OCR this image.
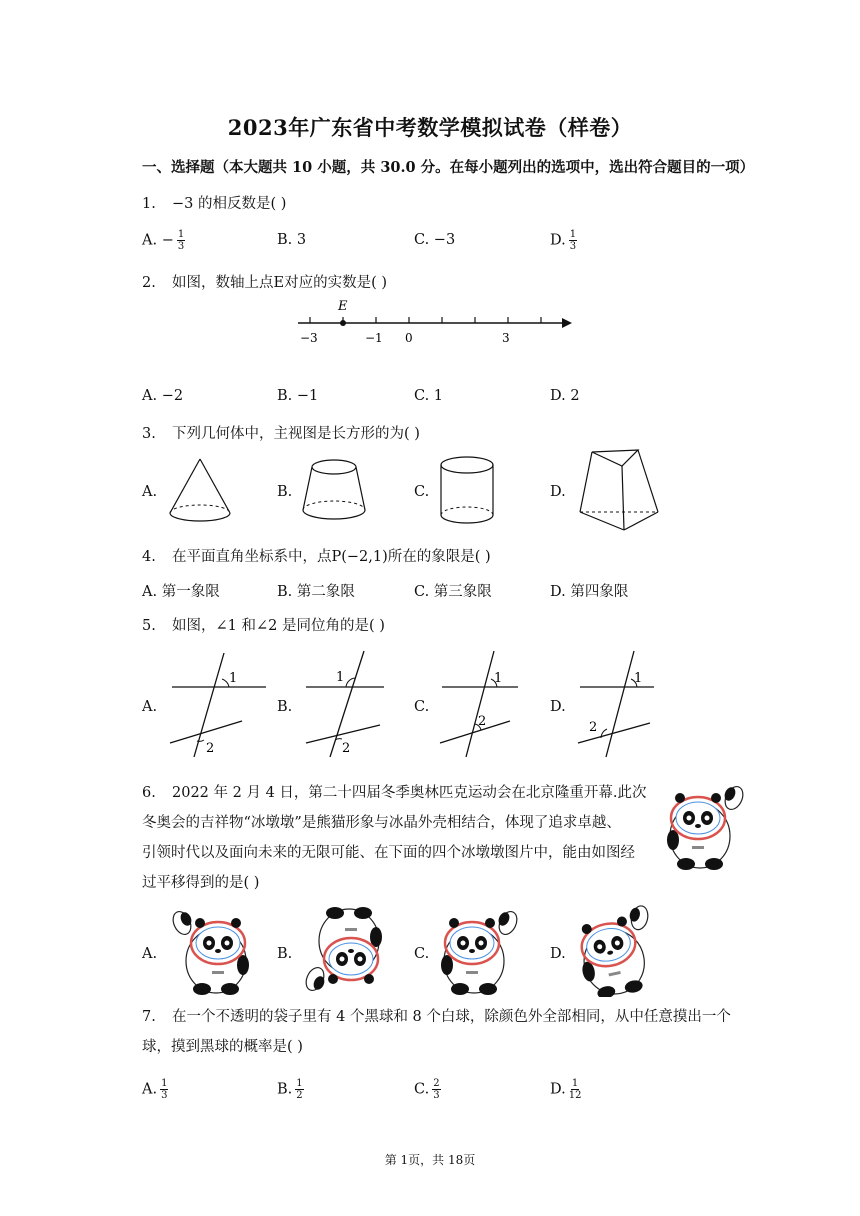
2023年广东省中考数学模拟试卷（样卷）
一、选择题（本大题共 10 小题，共 30.0 分。在每小题列出的选项中，选出符合题目的一项）
1. −3 的相反数是( )
A. − $\frac{1}{3}$	B. 3	C. −3	D. $\frac{1}{3}$
2. 如图，数轴上点E对应的实数是( )
E
−3	−1 0	3
A. −2	B. −1	C. 1	D. 2
3. 下列几何体中，主视图是长方形的为( )
A.	B.	C.	D.
4. 在平面直角坐标系中，点P(−2,1)所在的象限是( )
A. 第一象限	B. 第二象限	C. 第三象限	D. 第四象限
5. 如图，∠1 和∠2 是同位角的是( )
A.
1
2
B.
1
2
C.
1
2
D.
1
2
6. 2022 年 2 月 4 日，第二十四届冬季奥林匹克运动会在北京隆重开幕.此次
冬奥会的吉祥物“冰墩墩”是熊猫形象与冰晶外壳相结合，体现了追求卓越、
引领时代以及面向未来的无限可能、在下面的四个冰墩墩图片中，能由如图经
过平移得到的是( )
A.	B.	C.	D.
7. 在一个不透明的袋子里有 4 个黑球和 8 个白球，除颜色外全部相同，从中任意摸出一个
球，摸到黑球的概率是( )
A. $\frac{1}{3}$	B. $\frac{1}{2}$	C. $\frac{2}{3}$	D. $\frac{1}{12}$
第 1页，共 18页
